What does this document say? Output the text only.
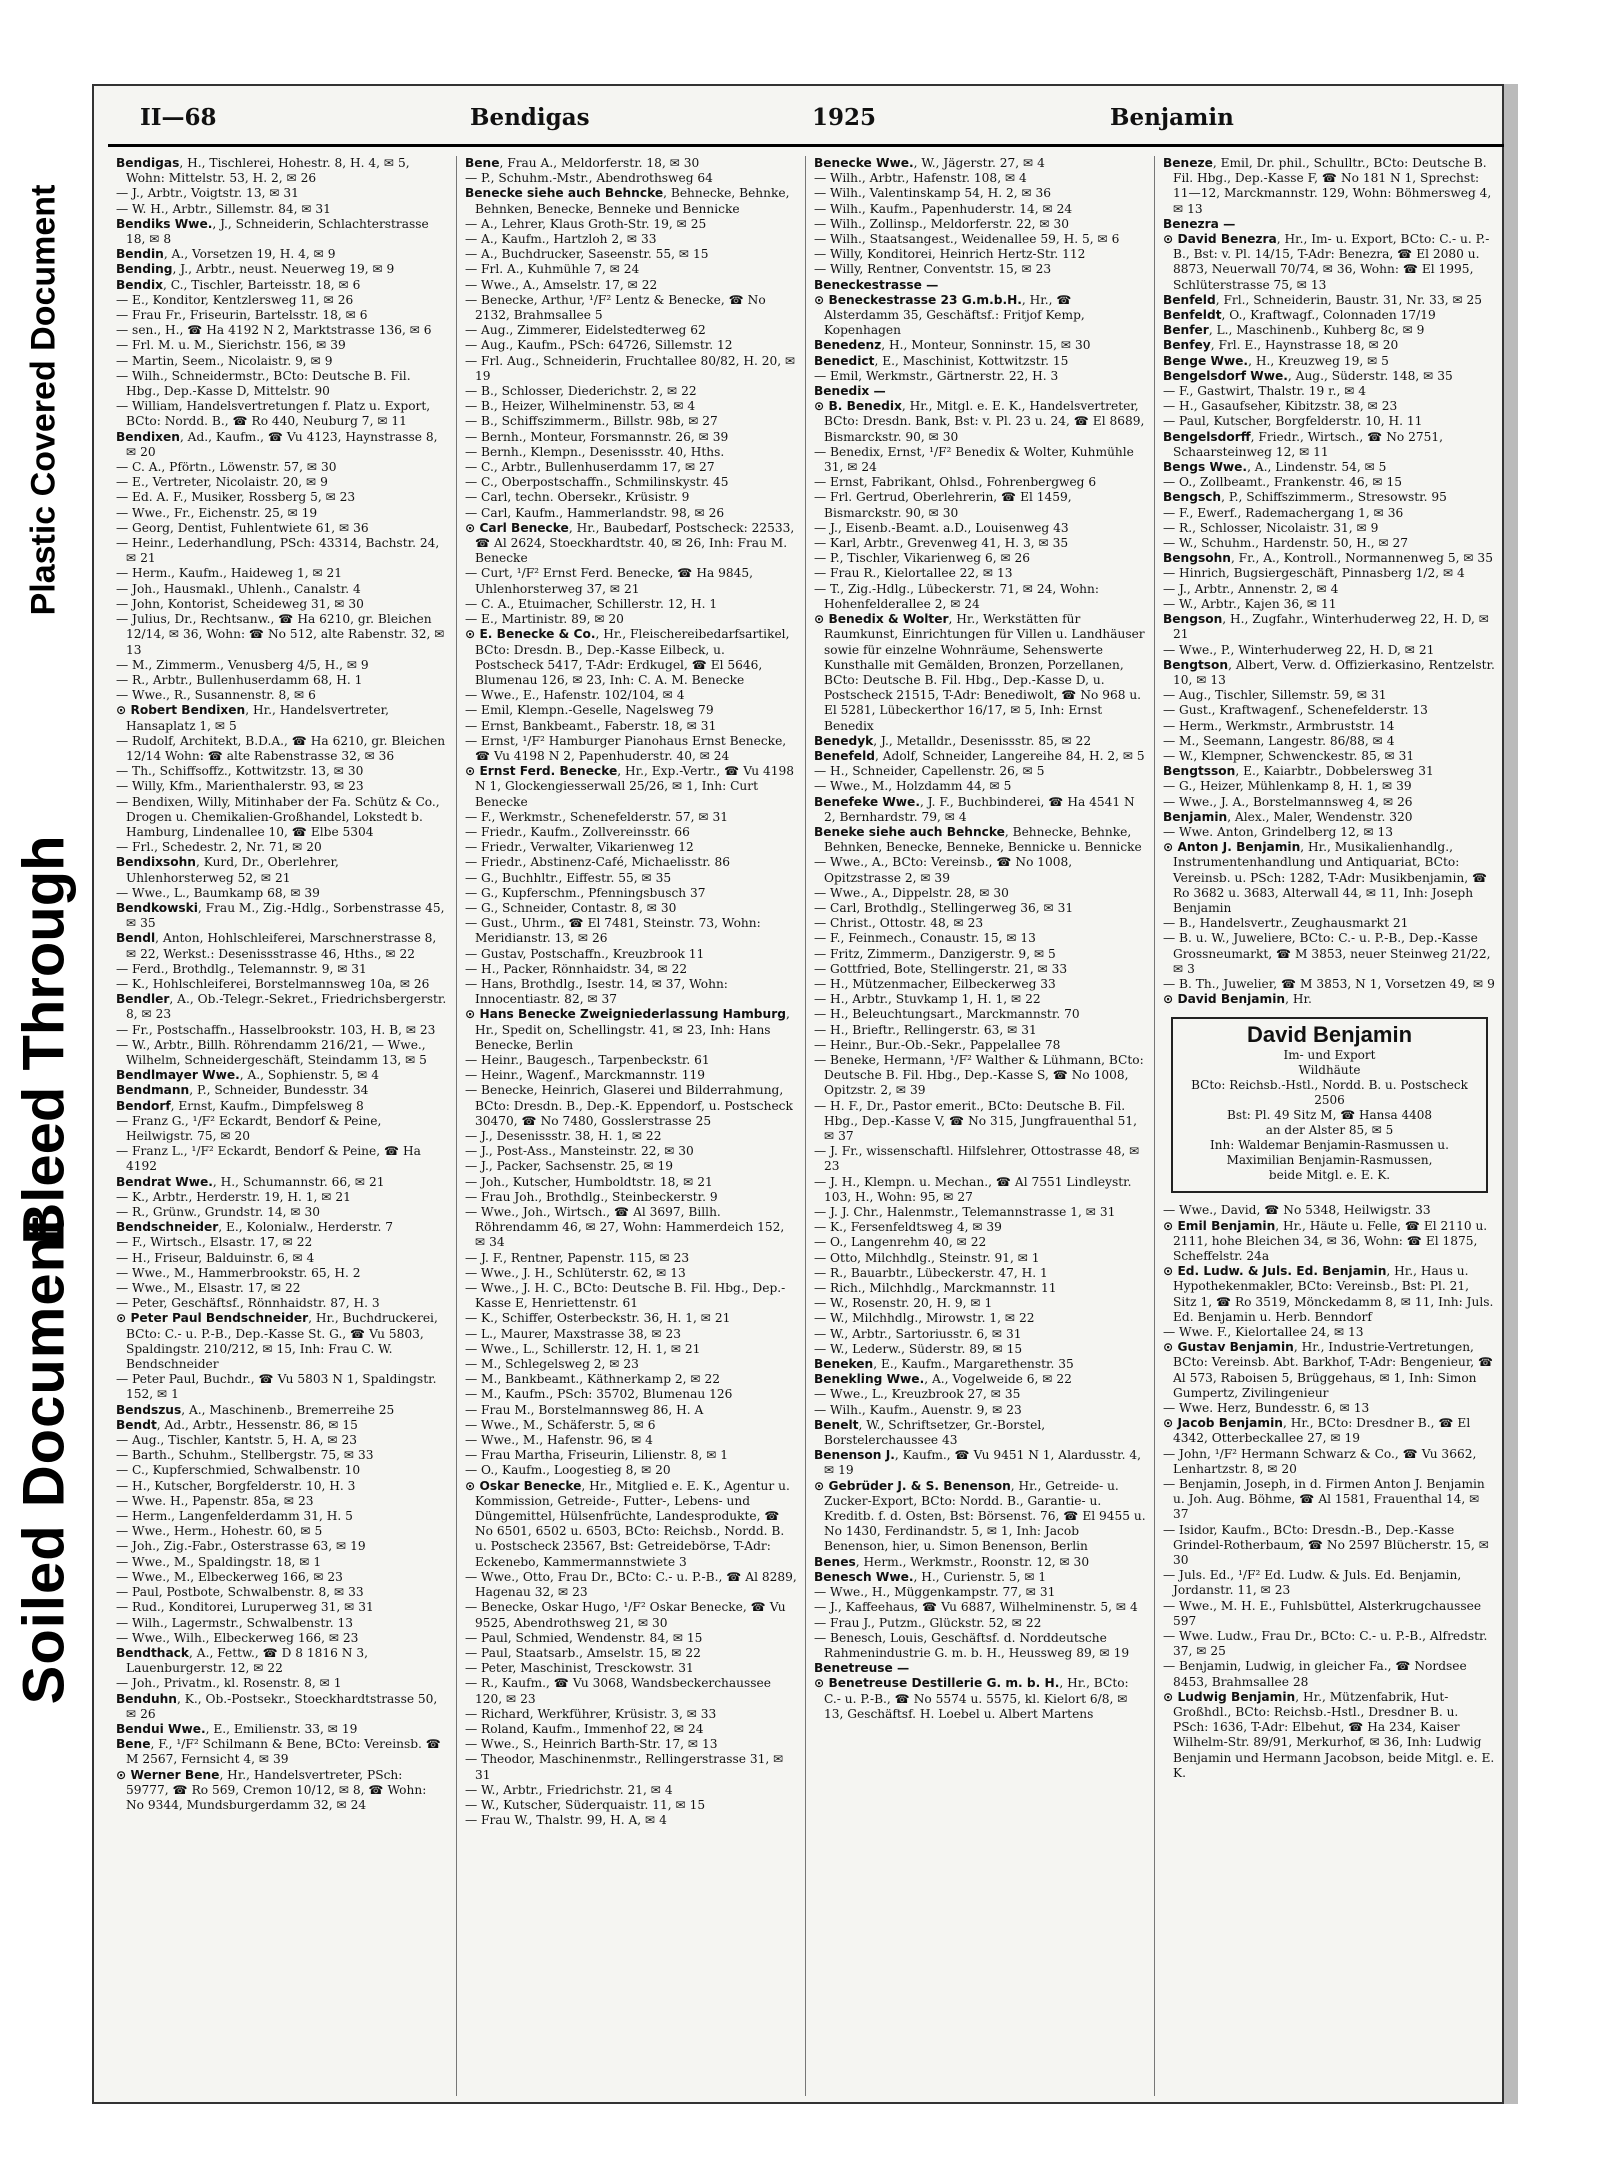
Soiled Document
Bleed Through
Plastic Covered Document
II—68	Bendigas	1925	Benjamin

Bendigas, H., Tischlerei, Hohestr. 8, H. 4, ✉ 5, Wohn: Mittelstr. 53, H. 2, ✉ 26

— J., Arbtr., Voigtstr. 13, ✉ 31

— W. H., Arbtr., Sillemstr. 84, ✉ 31

Bendiks Wwe., J., Schneiderin, Schlachterstrasse 18, ✉ 8

Bendin, A., Vorsetzen 19, H. 4, ✉ 9

Bending, J., Arbtr., neust. Neuerweg 19, ✉ 9

Bendix, C., Tischler, Barteisstr. 18, ✉ 6

— E., Konditor, Kentzlersweg 11, ✉ 26

— Frau Fr., Friseurin, Bartelsstr. 18, ✉ 6

— sen., H., ☎ Ha 4192 N 2, Marktstrasse 136, ✉ 6

— Frl. M. u. M., Sierichstr. 156, ✉ 39

— Martin, Seem., Nicolaistr. 9, ✉ 9

— Wilh., Schneidermstr., BCto: Deutsche B. Fil. Hbg., Dep.-Kasse D, Mittelstr. 90

— William, Handelsvertretungen f. Platz u. Export, BCto: Nordd. B., ☎ Ro 440, Neuburg 7, ✉ 11

Bendixen, Ad., Kaufm., ☎ Vu 4123, Haynstrasse 8, ✉ 20

— C. A., Pförtn., Löwenstr. 57, ✉ 30

— E., Vertreter, Nicolaistr. 20, ✉ 9

— Ed. A. F., Musiker, Rossberg 5, ✉ 23

— Wwe., Fr., Eichenstr. 25, ✉ 19

— Georg, Dentist, Fuhlentwiete 61, ✉ 36

— Heinr., Lederhandlung, PSch: 43314, Bachstr. 24, ✉ 21

— Herm., Kaufm., Haideweg 1, ✉ 21

— Joh., Hausmakl., Uhlenh., Canalstr. 4

— John, Kontorist, Scheideweg 31, ✉ 30

— Julius, Dr., Rechtsanw., ☎ Ha 6210, gr. Bleichen 12/14, ✉ 36, Wohn: ☎ No 512, alte Rabenstr. 32, ✉ 13

— M., Zimmerm., Venusberg 4/5, H., ✉ 9

— R., Arbtr., Bullenhuserdamm 68, H. 1

— Wwe., R., Susannenstr. 8, ✉ 6

⊙ Robert Bendixen, Hr., Handelsvertreter, Hansaplatz 1, ✉ 5

— Rudolf, Architekt, B.D.A., ☎ Ha 6210, gr. Bleichen 12/14 Wohn: ☎ alte Rabenstrasse 32, ✉ 36

— Th., Schiffsoffz., Kottwitzstr. 13, ✉ 30

— Willy, Kfm., Marienthalerstr. 93, ✉ 23

— Bendixen, Willy, Mitinhaber der Fa. Schütz & Co., Drogen u. Chemikalien-Großhandel, Lokstedt b. Hamburg, Lindenallee 10, ☎ Elbe 5304

— Frl., Schedestr. 2, Nr. 71, ✉ 20

Bendixsohn, Kurd, Dr., Oberlehrer, Uhlenhorsterweg 52, ✉ 21

— Wwe., L., Baumkamp 68, ✉ 39

Bendkowski, Frau M., Zig.-Hdlg., Sorbenstrasse 45, ✉ 35

Bendl, Anton, Hohlschleiferei, Marschnerstrasse 8, ✉ 22, Werkst.: Desenissstrasse 46, Hths., ✉ 22

— Ferd., Brothdlg., Telemannstr. 9, ✉ 31

— K., Hohlschleiferei, Borstelmannsweg 10a, ✉ 26

Bendler, A., Ob.-Telegr.-Sekret., Friedrichsbergerstr. 8, ✉ 23

— Fr., Postschaffn., Hasselbrookstr. 103, H. B, ✉ 23

— W., Arbtr., Billh. Röhrendamm 216/21, — Wwe., Wilhelm, Schneidergeschäft, Steindamm 13, ✉ 5

Bendlmayer Wwe., A., Sophienstr. 5, ✉ 4

Bendmann, P., Schneider, Bundesstr. 34

Bendorf, Ernst, Kaufm., Dimpfelsweg 8

— Franz G., ¹/F² Eckardt, Bendorf & Peine, Heilwigstr. 75, ✉ 20

— Franz L., ¹/F² Eckardt, Bendorf & Peine, ☎ Ha 4192

Bendrat Wwe., H., Schumannstr. 66, ✉ 21

— K., Arbtr., Herderstr. 19, H. 1, ✉ 21

— R., Grünw., Grundstr. 14, ✉ 30

Bendschneider, E., Kolonialw., Herderstr. 7

— F., Wirtsch., Elsastr. 17, ✉ 22

— H., Friseur, Balduinstr. 6, ✉ 4

— Wwe., M., Hammerbrookstr. 65, H. 2

— Wwe., M., Elsastr. 17, ✉ 22

— Peter, Geschäftsf., Rönnhaidstr. 87, H. 3

⊙ Peter Paul Bendschneider, Hr., Buchdruckerei, BCto: C.- u. P.-B., Dep.-Kasse St. G., ☎ Vu 5803, Spaldingstr. 210/212, ✉ 15, Inh: Frau C. W. Bendschneider

— Peter Paul, Buchdr., ☎ Vu 5803 N 1, Spaldingstr. 152, ✉ 1

Bendszus, A., Maschinenb., Bremerreihe 25

Bendt, Ad., Arbtr., Hessenstr. 86, ✉ 15

— Aug., Tischler, Kantstr. 5, H. A, ✉ 23

— Barth., Schuhm., Stellbergstr. 75, ✉ 33

— C., Kupferschmied, Schwalbenstr. 10

— H., Kutscher, Borgfelderstr. 10, H. 3

— Wwe. H., Papenstr. 85a, ✉ 23

— Herm., Langenfelderdamm 31, H. 5

— Wwe., Herm., Hohestr. 60, ✉ 5

— Joh., Zig.-Fabr., Osterstrasse 63, ✉ 19

— Wwe., M., Spaldingstr. 18, ✉ 1

— Wwe., M., Elbeckerweg 166, ✉ 23

— Paul, Postbote, Schwalbenstr. 8, ✉ 33

— Rud., Konditorei, Luruperweg 31, ✉ 31

— Wilh., Lagermstr., Schwalbenstr. 13

— Wwe., Wilh., Elbeckerweg 166, ✉ 23

Bendthack, A., Fettw., ☎ D 8 1816 N 3, Lauenburgerstr. 12, ✉ 22

— Joh., Privatm., kl. Rosenstr. 8, ✉ 1

Benduhn, K., Ob.-Postsekr., Stoeckhardtstrasse 50, ✉ 26

Bendui Wwe., E., Emilienstr. 33, ✉ 19

Bene, F., ¹/F² Schilmann & Bene, BCto: Vereinsb. ☎ M 2567, Fernsicht 4, ✉ 39

⊙ Werner Bene, Hr., Handelsvertreter, PSch: 59777, ☎ Ro 569, Cremon 10/12, ✉ 8, ☎ Wohn: No 9344, Mundsburgerdamm 32, ✉ 24

Bene, Frau A., Meldorferstr. 18, ✉ 30

— P., Schuhm.-Mstr., Abendrothsweg 64

Benecke siehe auch Behncke, Behnecke, Behnke, Behnken, Benecke, Benneke und Bennicke

— A., Lehrer, Klaus Groth-Str. 19, ✉ 25

— A., Kaufm., Hartzloh 2, ✉ 33

— A., Buchdrucker, Saseenstr. 55, ✉ 15

— Frl. A., Kuhmühle 7, ✉ 24

— Wwe., A., Amselstr. 17, ✉ 22

— Benecke, Arthur, ¹/F² Lentz & Benecke, ☎ No 2132, Brahmsallee 5

— Aug., Zimmerer, Eidelstedterweg 62

— Aug., Kaufm., PSch: 64726, Sillemstr. 12

— Frl. Aug., Schneiderin, Fruchtallee 80/82, H. 20, ✉ 19

— B., Schlosser, Diederichstr. 2, ✉ 22

— B., Heizer, Wilhelminenstr. 53, ✉ 4

— B., Schiffszimmerm., Billstr. 98b, ✉ 27

— Bernh., Monteur, Forsmannstr. 26, ✉ 39

— Bernh., Klempn., Desenissstr. 40, Hths.

— C., Arbtr., Bullenhuserdamm 17, ✉ 27

— C., Oberpostschaffn., Schmilinskystr. 45

— Carl, techn. Obersekr., Krüsistr. 9

— Carl, Kaufm., Hammerlandstr. 98, ✉ 26

⊙ Carl Benecke, Hr., Baubedarf, Postscheck: 22533, ☎ Al 2624, Stoeckhardtstr. 40, ✉ 26, Inh: Frau M. Benecke

— Curt, ¹/F² Ernst Ferd. Benecke, ☎ Ha 9845, Uhlenhorsterweg 37, ✉ 21

— C. A., Etuimacher, Schillerstr. 12, H. 1

— E., Martinistr. 89, ✉ 20

⊙ E. Benecke & Co., Hr., Fleischereibedarfsartikel, BCto: Dresdn. B., Dep.-Kasse Eilbeck, u. Postscheck 5417, T-Adr: Erdkugel, ☎ El 5646, Blumenau 126, ✉ 23, Inh: C. A. M. Benecke

— Wwe., E., Hafenstr. 102/104, ✉ 4

— Emil, Klempn.-Geselle, Nagelsweg 79

— Ernst, Bankbeamt., Faberstr. 18, ✉ 31

— Ernst, ¹/F² Hamburger Pianohaus Ernst Benecke, ☎ Vu 4198 N 2, Papenhuderstr. 40, ✉ 24

⊙ Ernst Ferd. Benecke, Hr., Exp.-Vertr., ☎ Vu 4198 N 1, Glockengiesserwall 25/26, ✉ 1, Inh: Curt Benecke

— F., Werkmstr., Schenefelderstr. 57, ✉ 31

— Friedr., Kaufm., Zollvereinsstr. 66

— Friedr., Verwalter, Vikarienweg 12

— Friedr., Abstinenz-Café, Michaelisstr. 86

— G., Buchhltr., Eiffestr. 55, ✉ 35

— G., Kupferschm., Pfenningsbusch 37

— G., Schneider, Contastr. 8, ✉ 30

— Gust., Uhrm., ☎ El 7481, Steinstr. 73, Wohn: Meridianstr. 13, ✉ 26

— Gustav, Postschaffn., Kreuzbrook 11

— H., Packer, Rönnhaidstr. 34, ✉ 22

— Hans, Brothdlg., Isestr. 14, ✉ 37, Wohn: Innocentiastr. 82, ✉ 37

⊙ Hans Benecke Zweigniederlassung Hamburg, Hr., Spedit on, Schellingstr. 41, ✉ 23, Inh: Hans Benecke, Berlin

— Heinr., Baugesch., Tarpenbeckstr. 61

— Heinr., Wagenf., Marckmannstr. 119

— Benecke, Heinrich, Glaserei und Bilderrahmung, BCto: Dresdn. B., Dep.-K. Eppendorf, u. Postscheck 30470, ☎ No 7480, Gosslerstrasse 25

— J., Desenissstr. 38, H. 1, ✉ 22

— J., Post-Ass., Mansteinstr. 22, ✉ 30

— J., Packer, Sachsenstr. 25, ✉ 19

— Joh., Kutscher, Humboldtstr. 18, ✉ 21

— Frau Joh., Brothdlg., Steinbeckerstr. 9

— Wwe., Joh., Wirtsch., ☎ Al 3697, Billh. Röhrendamm 46, ✉ 27, Wohn: Hammerdeich 152, ✉ 34

— J. F., Rentner, Papenstr. 115, ✉ 23

— Wwe., J. H., Schlüterstr. 62, ✉ 13

— Wwe., J. H. C., BCto: Deutsche B. Fil. Hbg., Dep.-Kasse E, Henriettenstr. 61

— K., Schiffer, Osterbeckstr. 36, H. 1, ✉ 21

— L., Maurer, Maxstrasse 38, ✉ 23

— Wwe., L., Schillerstr. 12, H. 1, ✉ 21

— M., Schlegelsweg 2, ✉ 23

— M., Bankbeamt., Käthnerkamp 2, ✉ 22

— M., Kaufm., PSch: 35702, Blumenau 126

— Frau M., Borstelmannsweg 86, H. A

— Wwe., M., Schäferstr. 5, ✉ 6

— Wwe., M., Hafenstr. 96, ✉ 4

— Frau Martha, Friseurin, Lilienstr. 8, ✉ 1

— O., Kaufm., Loogestieg 8, ✉ 20

⊙ Oskar Benecke, Hr., Mitglied e. E. K., Agentur u. Kommission, Getreide-, Futter-, Lebens- und Düngemittel, Hülsenfrüchte, Landesprodukte, ☎ No 6501, 6502 u. 6503, BCto: Reichsb., Nordd. B. u. Postscheck 23567, Bst: Getreidebörse, T-Adr: Eckenebo, Kammermannstwiete 3

— Wwe., Otto, Frau Dr., BCto: C.- u. P.-B., ☎ Al 8289, Hagenau 32, ✉ 23

— Benecke, Oskar Hugo, ¹/F² Oskar Benecke, ☎ Vu 9525, Abendrothsweg 21, ✉ 30

— Paul, Schmied, Wendenstr. 84, ✉ 15

— Paul, Staatsarb., Amselstr. 15, ✉ 22

— Peter, Maschinist, Tresckowstr. 31

— R., Kaufm., ☎ Vu 3068, Wandsbeckerchaussee 120, ✉ 23

— Richard, Werkführer, Krüsistr. 3, ✉ 33

— Roland, Kaufm., Immenhof 22, ✉ 24

— Wwe., S., Heinrich Barth-Str. 17, ✉ 13

— Theodor, Maschinenmstr., Rellingerstrasse 31, ✉ 31

— W., Arbtr., Friedrichstr. 21, ✉ 4

— W., Kutscher, Süderquaistr. 11, ✉ 15

— Frau W., Thalstr. 99, H. A, ✉ 4

Benecke Wwe., W., Jägerstr. 27, ✉ 4

— Wilh., Arbtr., Hafenstr. 108, ✉ 4

— Wilh., Valentinskamp 54, H. 2, ✉ 36

— Wilh., Kaufm., Papenhuderstr. 14, ✉ 24

— Wilh., Zollinsp., Meldorferstr. 22, ✉ 30

— Wilh., Staatsangest., Weidenallee 59, H. 5, ✉ 6

— Willy, Konditorei, Heinrich Hertz-Str. 112

— Willy, Rentner, Conventstr. 15, ✉ 23

Beneckestrasse —

⊙ Beneckestrasse 23 G.m.b.H., Hr., ☎ Alsterdamm 35, Geschäftsf.: Fritjof Kemp, Kopenhagen

Benedenz, H., Monteur, Sonninstr. 15, ✉ 30

Benedict, E., Maschinist, Kottwitzstr. 15

— Emil, Werkmstr., Gärtnerstr. 22, H. 3

Benedix —

⊙ B. Benedix, Hr., Mitgl. e. E. K., Handelsvertreter, BCto: Dresdn. Bank, Bst: v. Pl. 23 u. 24, ☎ El 8689, Bismarckstr. 90, ✉ 30

— Benedix, Ernst, ¹/F² Benedix & Wolter, Kuhmühle 31, ✉ 24

— Ernst, Fabrikant, Ohlsd., Fohrenbergweg 6

— Frl. Gertrud, Oberlehrerin, ☎ El 1459, Bismarckstr. 90, ✉ 30

— J., Eisenb.-Beamt. a.D., Louisenweg 43

— Karl, Arbtr., Grevenweg 41, H. 3, ✉ 35

— P., Tischler, Vikarienweg 6, ✉ 26

— Frau R., Kielortallee 22, ✉ 13

— T., Zig.-Hdlg., Lübeckerstr. 71, ✉ 24, Wohn: Hohenfelderallee 2, ✉ 24

⊙ Benedix & Wolter, Hr., Werkstätten für Raumkunst, Einrichtungen für Villen u. Landhäuser sowie für einzelne Wohnräume, Sehenswerte Kunsthalle mit Gemälden, Bronzen, Porzellanen, BCto: Deutsche B. Fil. Hbg., Dep.-Kasse D, u. Postscheck 21515, T-Adr: Benediwolt, ☎ No 968 u. El 5281, Lübeckerthor 16/17, ✉ 5, Inh: Ernst Benedix

Benedyk, J., Metalldr., Desenissstr. 85, ✉ 22

Benefeld, Adolf, Schneider, Langereihe 84, H. 2, ✉ 5

— H., Schneider, Capellenstr. 26, ✉ 5

— Wwe., M., Holzdamm 44, ✉ 5

Benefeke Wwe., J. F., Buchbinderei, ☎ Ha 4541 N 2, Bernhardstr. 79, ✉ 4

Beneke siehe auch Behncke, Behnecke, Behnke, Behnken, Benecke, Benneke, Bennicke u. Bennicke

— Wwe., A., BCto: Vereinsb., ☎ No 1008, Opitzstrasse 2, ✉ 39

— Wwe., A., Dippelstr. 28, ✉ 30

— Carl, Brothdlg., Stellingerweg 36, ✉ 31

— Christ., Ottostr. 48, ✉ 23

— F., Feinmech., Conaustr. 15, ✉ 13

— Fritz, Zimmerm., Danzigerstr. 9, ✉ 5

— Gottfried, Bote, Stellingerstr. 21, ✉ 33

— H., Mützenmacher, Eilbeckerweg 33

— H., Arbtr., Stuvkamp 1, H. 1, ✉ 22

— H., Beleuchtungsart., Marckmannstr. 70

— H., Brieftr., Rellingerstr. 63, ✉ 31

— Heinr., Bur.-Ob.-Sekr., Pappelallee 78

— Beneke, Hermann, ¹/F² Walther & Lühmann, BCto: Deutsche B. Fil. Hbg., Dep.-Kasse S, ☎ No 1008, Opitzstr. 2, ✉ 39

— H. F., Dr., Pastor emerit., BCto: Deutsche B. Fil. Hbg., Dep.-Kasse V, ☎ No 315, Jungfrauenthal 51, ✉ 37

— J. Fr., wissenschaftl. Hilfslehrer, Ottostrasse 48, ✉ 23

— J. H., Klempn. u. Mechan., ☎ Al 7551 Lindleystr. 103, H., Wohn: 95, ✉ 27

— J. J. Chr., Halenmstr., Telemannstrasse 1, ✉ 31

— K., Fersenfeldtsweg 4, ✉ 39

— O., Langenrehm 40, ✉ 22

— Otto, Milchhdlg., Steinstr. 91, ✉ 1

— R., Bauarbtr., Lübeckerstr. 47, H. 1

— Rich., Milchhdlg., Marckmannstr. 11

— W., Rosenstr. 20, H. 9, ✉ 1

— W., Milchhdlg., Mirowstr. 1, ✉ 22

— W., Arbtr., Sartoriusstr. 6, ✉ 31

— W., Lederw., Süderstr. 89, ✉ 15

Beneken, E., Kaufm., Margarethenstr. 35

Benekling Wwe., A., Vogelweide 6, ✉ 22

— Wwe., L., Kreuzbrook 27, ✉ 35

— Wilh., Kaufm., Auenstr. 9, ✉ 23

Benelt, W., Schriftsetzer, Gr.-Borstel, Borstelerchaussee 43

Benenson J., Kaufm., ☎ Vu 9451 N 1, Alardusstr. 4, ✉ 19

⊙ Gebrüder J. & S. Benenson, Hr., Getreide- u. Zucker-Export, BCto: Nordd. B., Garantie- u. Kreditb. f. d. Osten, Bst: Börsenst. 76, ☎ El 9455 u. No 1430, Ferdinandstr. 5, ✉ 1, Inh: Jacob Benenson, hier, u. Simon Benenson, Berlin

Benes, Herm., Werkmstr., Roonstr. 12, ✉ 30

Benesch Wwe., H., Curienstr. 5, ✉ 1

— Wwe., H., Müggenkampstr. 77, ✉ 31

— J., Kaffeehaus, ☎ Vu 6887, Wilhelminenstr. 5, ✉ 4

— Frau J., Putzm., Glückstr. 52, ✉ 22

— Benesch, Louis, Geschäftsf. d. Norddeutsche Rahmenindustrie G. m. b. H., Heussweg 89, ✉ 19

Benetreuse —

⊙ Benetreuse Destillerie G. m. b. H., Hr., BCto: C.- u. P.-B., ☎ No 5574 u. 5575, kl. Kielort 6/8, ✉ 13, Geschäftsf. H. Loebel u. Albert Martens

Beneze, Emil, Dr. phil., Schulltr., BCto: Deutsche B. Fil. Hbg., Dep.-Kasse F, ☎ No 181 N 1, Sprechst: 11—12, Marckmannstr. 129, Wohn: Böhmersweg 4, ✉ 13

Benezra —

⊙ David Benezra, Hr., Im- u. Export, BCto: C.- u. P.-B., Bst: v. Pl. 14/15, T-Adr: Benezra, ☎ El 2080 u. 8873, Neuerwall 70/74, ✉ 36, Wohn: ☎ El 1995, Schlüterstrasse 75, ✉ 13

Benfeld, Frl., Schneiderin, Baustr. 31, Nr. 33, ✉ 25

Benfeldt, O., Kraftwagf., Colonnaden 17/19

Benfer, L., Maschinenb., Kuhberg 8c, ✉ 9

Benfey, Frl. E., Haynstrasse 18, ✉ 20

Benge Wwe., H., Kreuzweg 19, ✉ 5

Bengelsdorf Wwe., Aug., Süderstr. 148, ✉ 35

— F., Gastwirt, Thalstr. 19 r., ✉ 4

— H., Gasaufseher, Kibitzstr. 38, ✉ 23

— Paul, Kutscher, Borgfelderstr. 10, H. 11

Bengelsdorff, Friedr., Wirtsch., ☎ No 2751, Schaarsteinweg 12, ✉ 11

Bengs Wwe., A., Lindenstr. 54, ✉ 5

— O., Zollbeamt., Frankenstr. 46, ✉ 15

Bengsch, P., Schiffszimmerm., Stresowstr. 95

— F., Ewerf., Rademachergang 1, ✉ 36

— R., Schlosser, Nicolaistr. 31, ✉ 9

— W., Schuhm., Hardenstr. 50, H., ✉ 27

Bengsohn, Fr., A., Kontroll., Normannenweg 5, ✉ 35

— Hinrich, Bugsiergeschäft, Pinnasberg 1/2, ✉ 4

— J., Arbtr., Annenstr. 2, ✉ 4

— W., Arbtr., Kajen 36, ✉ 11

Bengson, H., Zugfahr., Winterhuderweg 22, H. D, ✉ 21

— Wwe., P., Winterhuderweg 22, H. D, ✉ 21

Bengtson, Albert, Verw. d. Offizierkasino, Rentzelstr. 10, ✉ 13

— Aug., Tischler, Sillemstr. 59, ✉ 31

— Gust., Kraftwagenf., Schenefelderstr. 13

— Herm., Werkmstr., Armbruststr. 14

— M., Seemann, Langestr. 86/88, ✉ 4

— W., Klempner, Schwenckestr. 85, ✉ 31

Bengtsson, E., Kaiarbtr., Dobbelersweg 31

— G., Heizer, Mühlenkamp 8, H. 1, ✉ 39

— Wwe., J. A., Borstelmannsweg 4, ✉ 26

Benjamin, Alex., Maler, Wendenstr. 320

— Wwe. Anton, Grindelberg 12, ✉ 13

⊙ Anton J. Benjamin, Hr., Musikalienhandlg., Instrumentenhandlung und Antiquariat, BCto: Vereinsb. u. PSch: 1282, T-Adr: Musikbenjamin, ☎ Ro 3682 u. 3683, Alterwall 44, ✉ 11, Inh: Joseph Benjamin

— B., Handelsvertr., Zeughausmarkt 21

— B. u. W., Juweliere, BCto: C.- u. P.-B., Dep.-Kasse Grossneumarkt, ☎ M 3853, neuer Steinweg 21/22, ✉ 3

— B. Th., Juwelier, ☎ M 3853, N 1, Vorsetzen 49, ✉ 9

⊙ David Benjamin, Hr.

David Benjamin
Im- und Export
Wildhäute
BCto: Reichsb.-Hstl., Nordd. B. u. Postscheck 2506
Bst: Pl. 49 Sitz M, ☎ Hansa 4408
an der Alster 85, ✉ 5
Inh: Waldemar Benjamin-Rasmussen u. Maximilian Benjamin-Rasmussen,
beide Mitgl. e. E. K.

— Wwe., David, ☎ No 5348, Heilwigstr. 33

⊙ Emil Benjamin, Hr., Häute u. Felle, ☎ El 2110 u. 2111, hohe Bleichen 34, ✉ 36, Wohn: ☎ El 1875, Scheffelstr. 24a

⊙ Ed. Ludw. & Juls. Ed. Benjamin, Hr., Haus u. Hypothekenmakler, BCto: Vereinsb., Bst: Pl. 21, Sitz 1, ☎ Ro 3519, Mönckedamm 8, ✉ 11, Inh: Juls. Ed. Benjamin u. Herb. Benndorf

— Wwe. F., Kielortallee 24, ✉ 13

⊙ Gustav Benjamin, Hr., Industrie-Vertretungen, BCto: Vereinsb. Abt. Barkhof, T-Adr: Bengenieur, ☎ Al 573, Raboisen 5, Brüggehaus, ✉ 1, Inh: Simon Gumpertz, Zivilingenieur

— Wwe. Herz, Bundesstr. 6, ✉ 13

⊙ Jacob Benjamin, Hr., BCto: Dresdner B., ☎ El 4342, Otterbeckallee 27, ✉ 19

— John, ¹/F² Hermann Schwarz & Co., ☎ Vu 3662, Lenhartzstr. 8, ✉ 20

— Benjamin, Joseph, in d. Firmen Anton J. Benjamin u. Joh. Aug. Böhme, ☎ Al 1581, Frauenthal 14, ✉ 37

— Isidor, Kaufm., BCto: Dresdn.-B., Dep.-Kasse Grindel-Rotherbaum, ☎ No 2597 Blücherstr. 15, ✉ 30

— Juls. Ed., ¹/F² Ed. Ludw. & Juls. Ed. Benjamin, Jordanstr. 11, ✉ 23

— Wwe., M. H. E., Fuhlsbüttel, Alsterkrugchaussee 597

— Wwe. Ludw., Frau Dr., BCto: C.- u. P.-B., Alfredstr. 37, ✉ 25

— Benjamin, Ludwig, in gleicher Fa., ☎ Nordsee 8453, Brahmsallee 28

⊙ Ludwig Benjamin, Hr., Mützenfabrik, Hut-Großhdl., BCto: Reichsb.-Hstl., Dresdner B. u. PSch: 1636, T-Adr: Elbehut, ☎ Ha 234, Kaiser Wilhelm-Str. 89/91, Merkurhof, ✉ 36, Inh: Ludwig Benjamin und Hermann Jacobson, beide Mitgl. e. E. K.
